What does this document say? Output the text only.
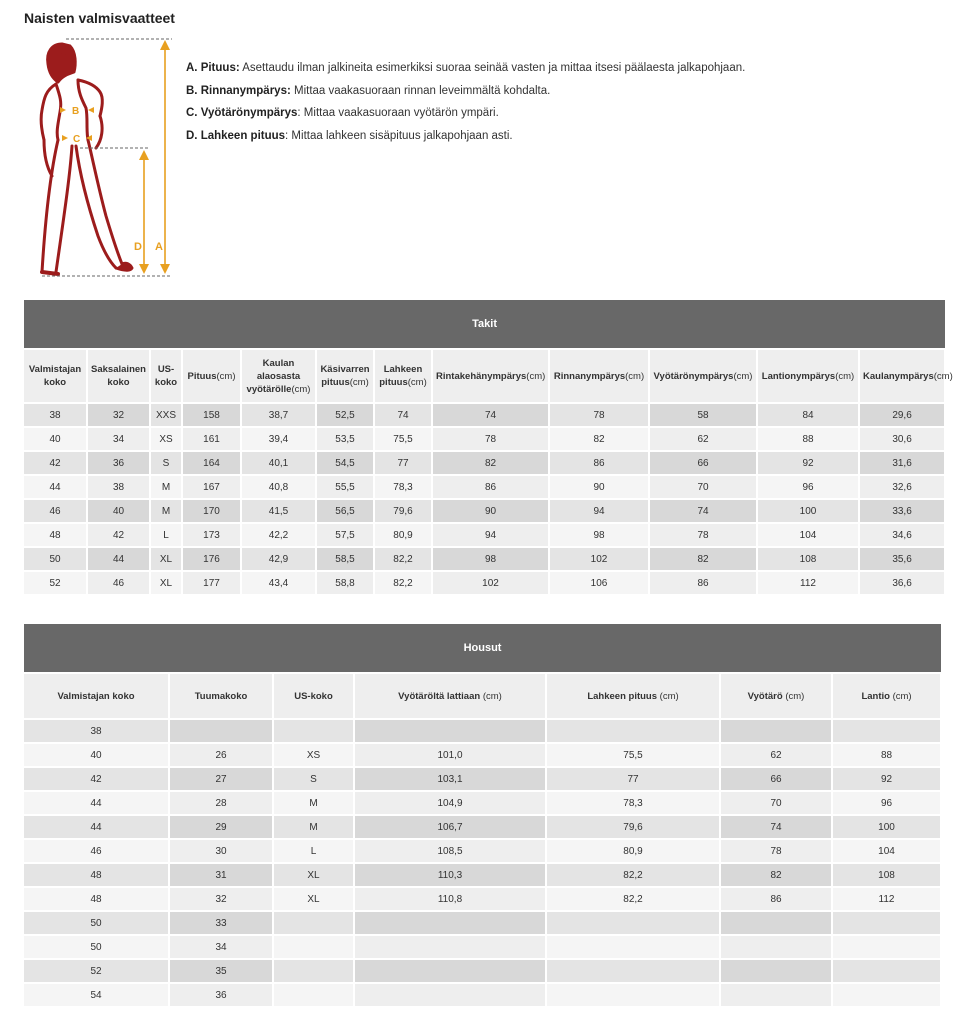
Naisten valmisvaatteet
A
D
B
C
A. Pituus: Asettaudu ilman jalkineita esimerkiksi suoraa seinää vasten ja mittaa itsesi päälaesta jalkapohjaan.
B. Rinnanympärys: Mittaa vaakasuoraan rinnan leveimmältä kohdalta.
C. Vyötärönympärys: Mittaa vaakasuoraan vyötärön ympäri.
D. Lahkeen pituus: Mittaa lahkeen sisäpituus jalkapohjaan asti.
Takit											
Valmistajan koko	Saksalainen koko	US-koko	Pituus(cm)	Kaulan alaosasta vyötärölle(cm)	Käsivarren pituus(cm)	Lahkeen pituus(cm)	Rintakehänympärys(cm)	Rinnanympärys(cm)	Vyötärönympärys(cm)	Lantionympärys(cm)	Kaulanympärys(cm)
38	32	XXS	158	38,7	52,5	74	74	78	58	84	29,6
40	34	XS	161	39,4	53,5	75,5	78	82	62	88	30,6
42	36	S	164	40,1	54,5	77	82	86	66	92	31,6
44	38	M	167	40,8	55,5	78,3	86	90	70	96	32,6
46	40	M	170	41,5	56,5	79,6	90	94	74	100	33,6
48	42	L	173	42,2	57,5	80,9	94	98	78	104	34,6
50	44	XL	176	42,9	58,5	82,2	98	102	82	108	35,6
52	46	XL	177	43,4	58,8	82,2	102	106	86	112	36,6
Housut						
Valmistajan koko	Tuumakoko	US-koko	Vyötäröltä lattiaan (cm)	Lahkeen pituus (cm)	Vyötärö (cm)	Lantio (cm)
38						
40	26	XS	101,0	75,5	62	88
42	27	S	103,1	77	66	92
44	28	M	104,9	78,3	70	96
44	29	M	106,7	79,6	74	100
46	30	L	108,5	80,9	78	104
48	31	XL	110,3	82,2	82	108
48	32	XL	110,8	82,2	86	112
50	33					
50	34					
52	35					
54	36					
